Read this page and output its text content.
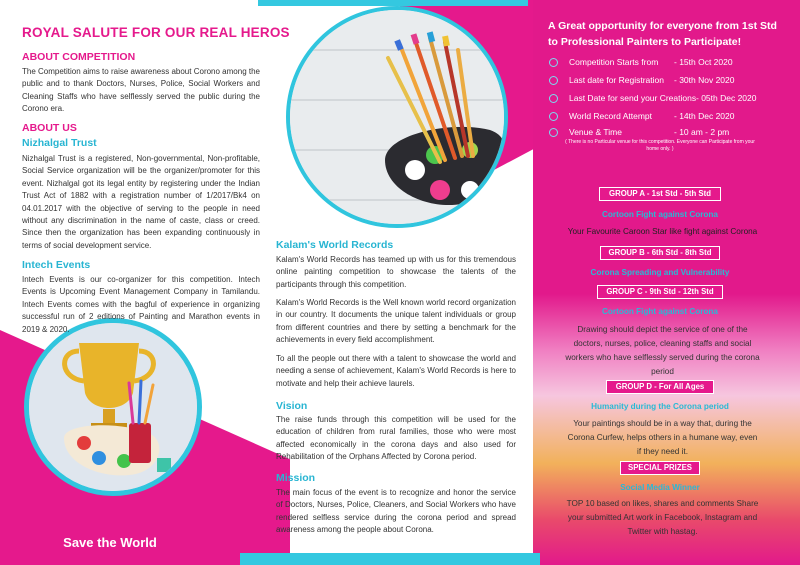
ROYAL SALUTE FOR OUR REAL HEROS
ABOUT COMPETITION
The Competition aims to raise awareness about Corono among the public and to thank Doctors, Nurses, Police, Social Workers and Cleaning Staffs who have selflessly served the public during the Corono era.
ABOUT US
Nizhalgal Trust
Nizhalgal Trust is a registered, Non-governmental, Non-profitable, Social Service organization will be the organizer/promoter for this event. Nizhalgal got its legal entity by registering under the Indian Trust Act of 1882 with a registration number of 1/2017/Bk4 on 04.01.2017 with the objective of serving to the people in need without any discrimination in the name of caste, class or creed. Since then the organization has been expanding continuously in terms of social development service.
Intech Events
Intech Events is our co-organizer for this competition. Intech Events is Upcoming Event Management Company in Tamilandu. Intech Events comes with the bagful of experience in organizing successful run of 2 editions of Painting and Marathon events in 2019 & 2020.
Save the World
Kalam's World Records
Kalam's World Records has teamed up with us for this tremendous online painting competition to showcase the talents of the participants through this competition.
Kalam's World Records is the Well known world record organization in our country. It documents the unique talent individuals or group from different countries and there by setting a benchmark for the achievements in every field accomplishment.
To all the people out there with a talent to showcase the world and needing a sense of achievement, Kalam's World Records is here to motivate and help their achieve laurels.
Vision
The raise funds through this competition will be used for the education of children from rural families, those who were most affected economically in the corona days and also used for Rehabilitation of the Orphans Affected by Corona period.
Mission
The main focus of the event is to recognize and honor the service of Doctors, Nurses, Police, Cleaners, and Social Workers who have rendered selfless service during the corona period and spread awareness among the people about Corona.
A Great opportunity for everyone from 1st Std to Professional Painters to Participate!
Competition Starts from - 15th Oct 2020
Last date for Registration - 30th Nov 2020
Last Date for send your Creations - 05th Dec 2020
World Record Attempt	- 14th Dec 2020
Venue & Time	- 10 am - 2 pm
( There is no Particular venue for this competition. Everyone can Participate from your home only. )
GROUP A - 1st Std - 5th Std
Cortoon Fight against Corona
Your Favourite Caroon Star like fight against Corona
GROUP B - 6th Std - 8th Std
Corona Spreading and Vulnerability
GROUP C - 9th Std - 12th Std
Cortoon Fight against Corona
Drawing should depict the service of one of the doctors, nurses, police, cleaning staffs and social workers who have selflessly served during the corona period
GROUP D - For All Ages
Humanity during the Corona period
Your paintings should be in a way that, during the Corona Curfew, helps others in a humane way, even if they need it.
SPECIAL PRIZES
Social Media Winner
TOP 10 based on likes, shares and comments Share your submitted Art work in Facebook, Instagram and Twitter with hastag.
